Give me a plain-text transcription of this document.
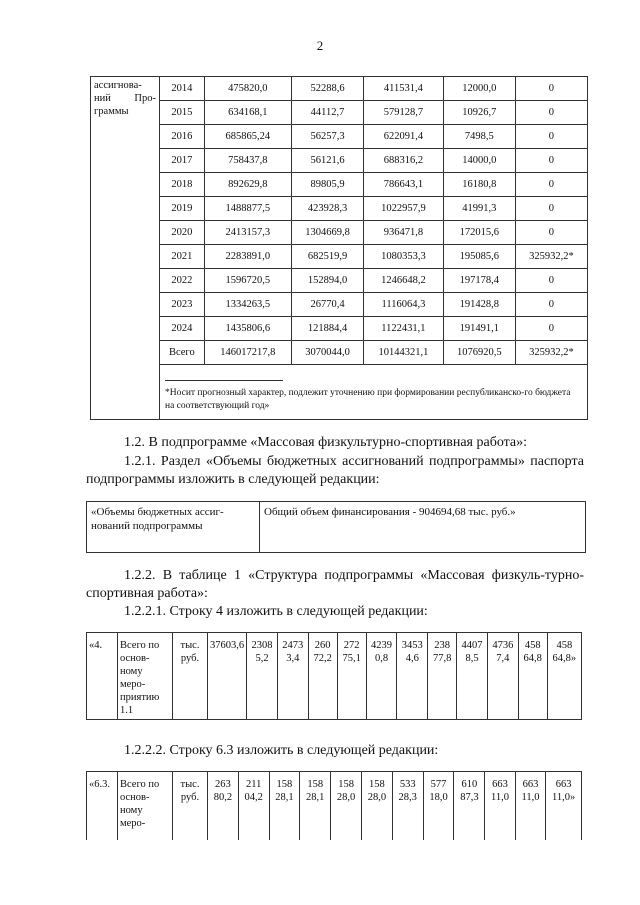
2
ассигнова-ний Про-граммы	2014	475820,0	52288,6	411531,4	12000,0	0
	2015	634168,1	44112,7	579128,7	10926,7	0
	2016	685865,24	56257,3	622091,4	7498,5	0
	2017	758437,8	56121,6	688316,2	14000,0	0
	2018	892629,8	89805,9	786643,1	16180,8	0
	2019	1488877,5	423928,3	1022957,9	41991,3	0
	2020	2413157,3	1304669,8	936471,8	172015,6	0
	2021	2283891,0	682519,9	1080353,3	195085,6	325932,2*
	2022	1596720,5	152894,0	1246648,2	197178,4	0
	2023	1334263,5	26770,4	1116064,3	191428,8	0
	2024	1435806,6	121884,4	1122431,1	191491,1	0
	Всего	146017217,8	3070044,0	10144321,1	1076920,5	325932,2*

	*Носит прогнозный характер, подлежит уточнению при формировании республиканско-го бюджета на соответствующий год»					
1.2. В подпрограмме «Массовая физкультурно-спортивная работа»:
1.2.1. Раздел «Объемы бюджетных ассигнований подпрограммы» паспорта подпрограммы изложить в следующей редакции:
«Объемы бюджетных ассиг-нований подпрограммы	Общий объем финансирования - 904694,68 тыс. руб.»
1.2.2. В таблице 1 «Структура подпрограммы «Массовая физкуль-турно-спортивная работа»:
1.2.2.1. Строку 4 изложить в следующей редакции:
«4.	Всего по основ-ному меро-приятию 1.1	тыс. руб.	37603,6	2308 5,2	2473 3,4	260 72,2	272 75,1	4239 0,8	3453 4,6	238 77,8	4407 8,5	4736 7,4	458 64,8	458 64,8»
1.2.2.2. Строку 6.3 изложить в следующей редакции:
«6.3.	Всего по основ-ному меро-	тыс. руб.	263 80,2	211 04,2	158 28,1	158 28,1	158 28,0	158 28,0	533 28,3	577 18,0	610 87,3	663 11,0	663 11,0	663 11,0»
